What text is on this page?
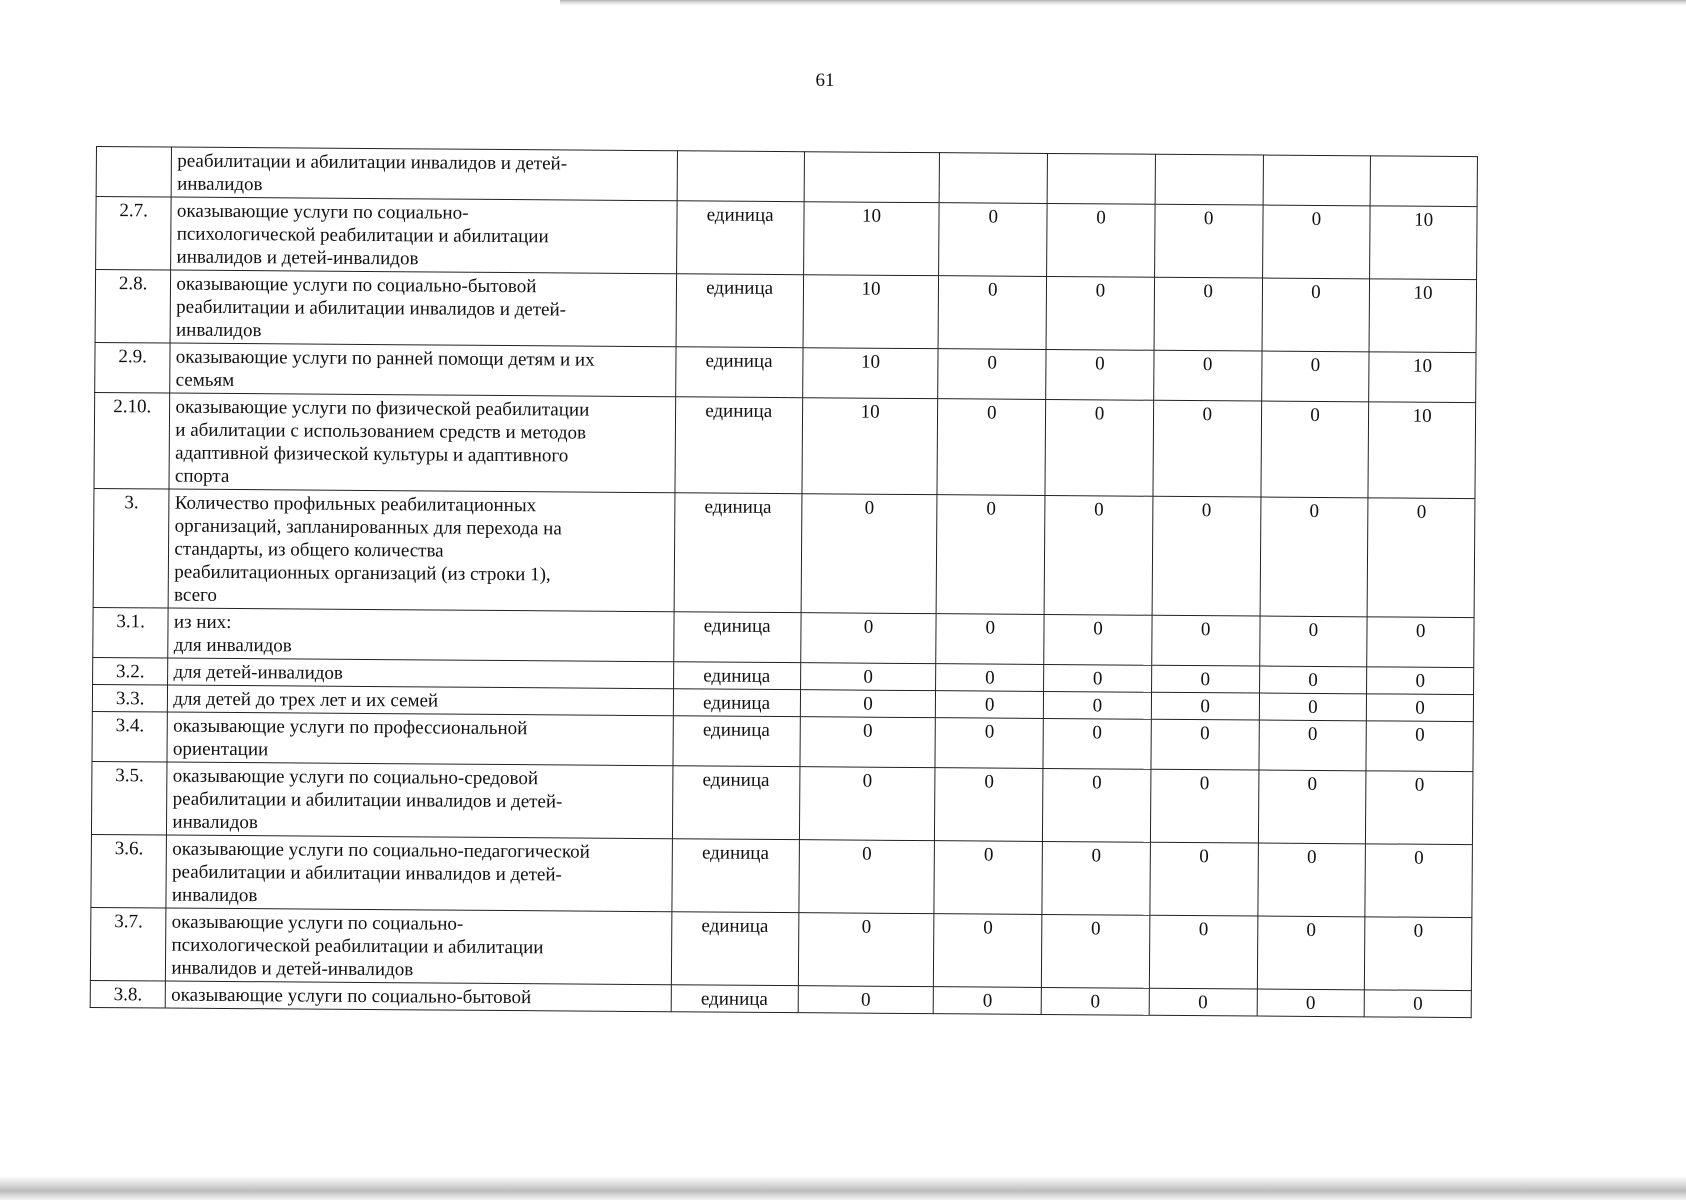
61

	реабилитации и абилитации инвалидов и детей-
инвалидов							

2.7.	оказывающие услуги по социально-
психологической реабилитации и абилитации
инвалидов и детей-инвалидов	единица	10	0	0	0	0	10
2.8.	оказывающие услуги по социально-бытовой
реабилитации и абилитации инвалидов и детей-
инвалидов	единица	10	0	0	0	0	10
2.9.	оказывающие услуги по ранней помощи детям и их
семьям	единица	10	0	0	0	0	10
2.10.	оказывающие услуги по физической реабилитации
и абилитации с использованием средств и методов
адаптивной физической культуры и адаптивного
спорта	единица	10	0	0	0	0	10
3.	Количество профильных реабилитационных
организаций, запланированных для перехода на
стандарты, из общего количества
реабилитационных организаций (из строки 1),
всего	единица	0	0	0	0	0	0
3.1.	из них:
для инвалидов	единица	0	0	0	0	0	0
3.2.	для детей-инвалидов	единица	0	0	0	0	0	0
3.3.	для детей до трех лет и их семей	единица	0	0	0	0	0	0
3.4.	оказывающие услуги по профессиональной
ориентации	единица	0	0	0	0	0	0
3.5.	оказывающие услуги по социально-средовой
реабилитации и абилитации инвалидов и детей-
инвалидов	единица	0	0	0	0	0	0
3.6.	оказывающие услуги по социально-педагогической
реабилитации и абилитации инвалидов и детей-
инвалидов	единица	0	0	0	0	0	0
3.7.	оказывающие услуги по социально-
психологической реабилитации и абилитации
инвалидов и детей-инвалидов	единица	0	0	0	0	0	0
3.8.	оказывающие услуги по социально-бытовой	единица	0	0	0	0	0	0
